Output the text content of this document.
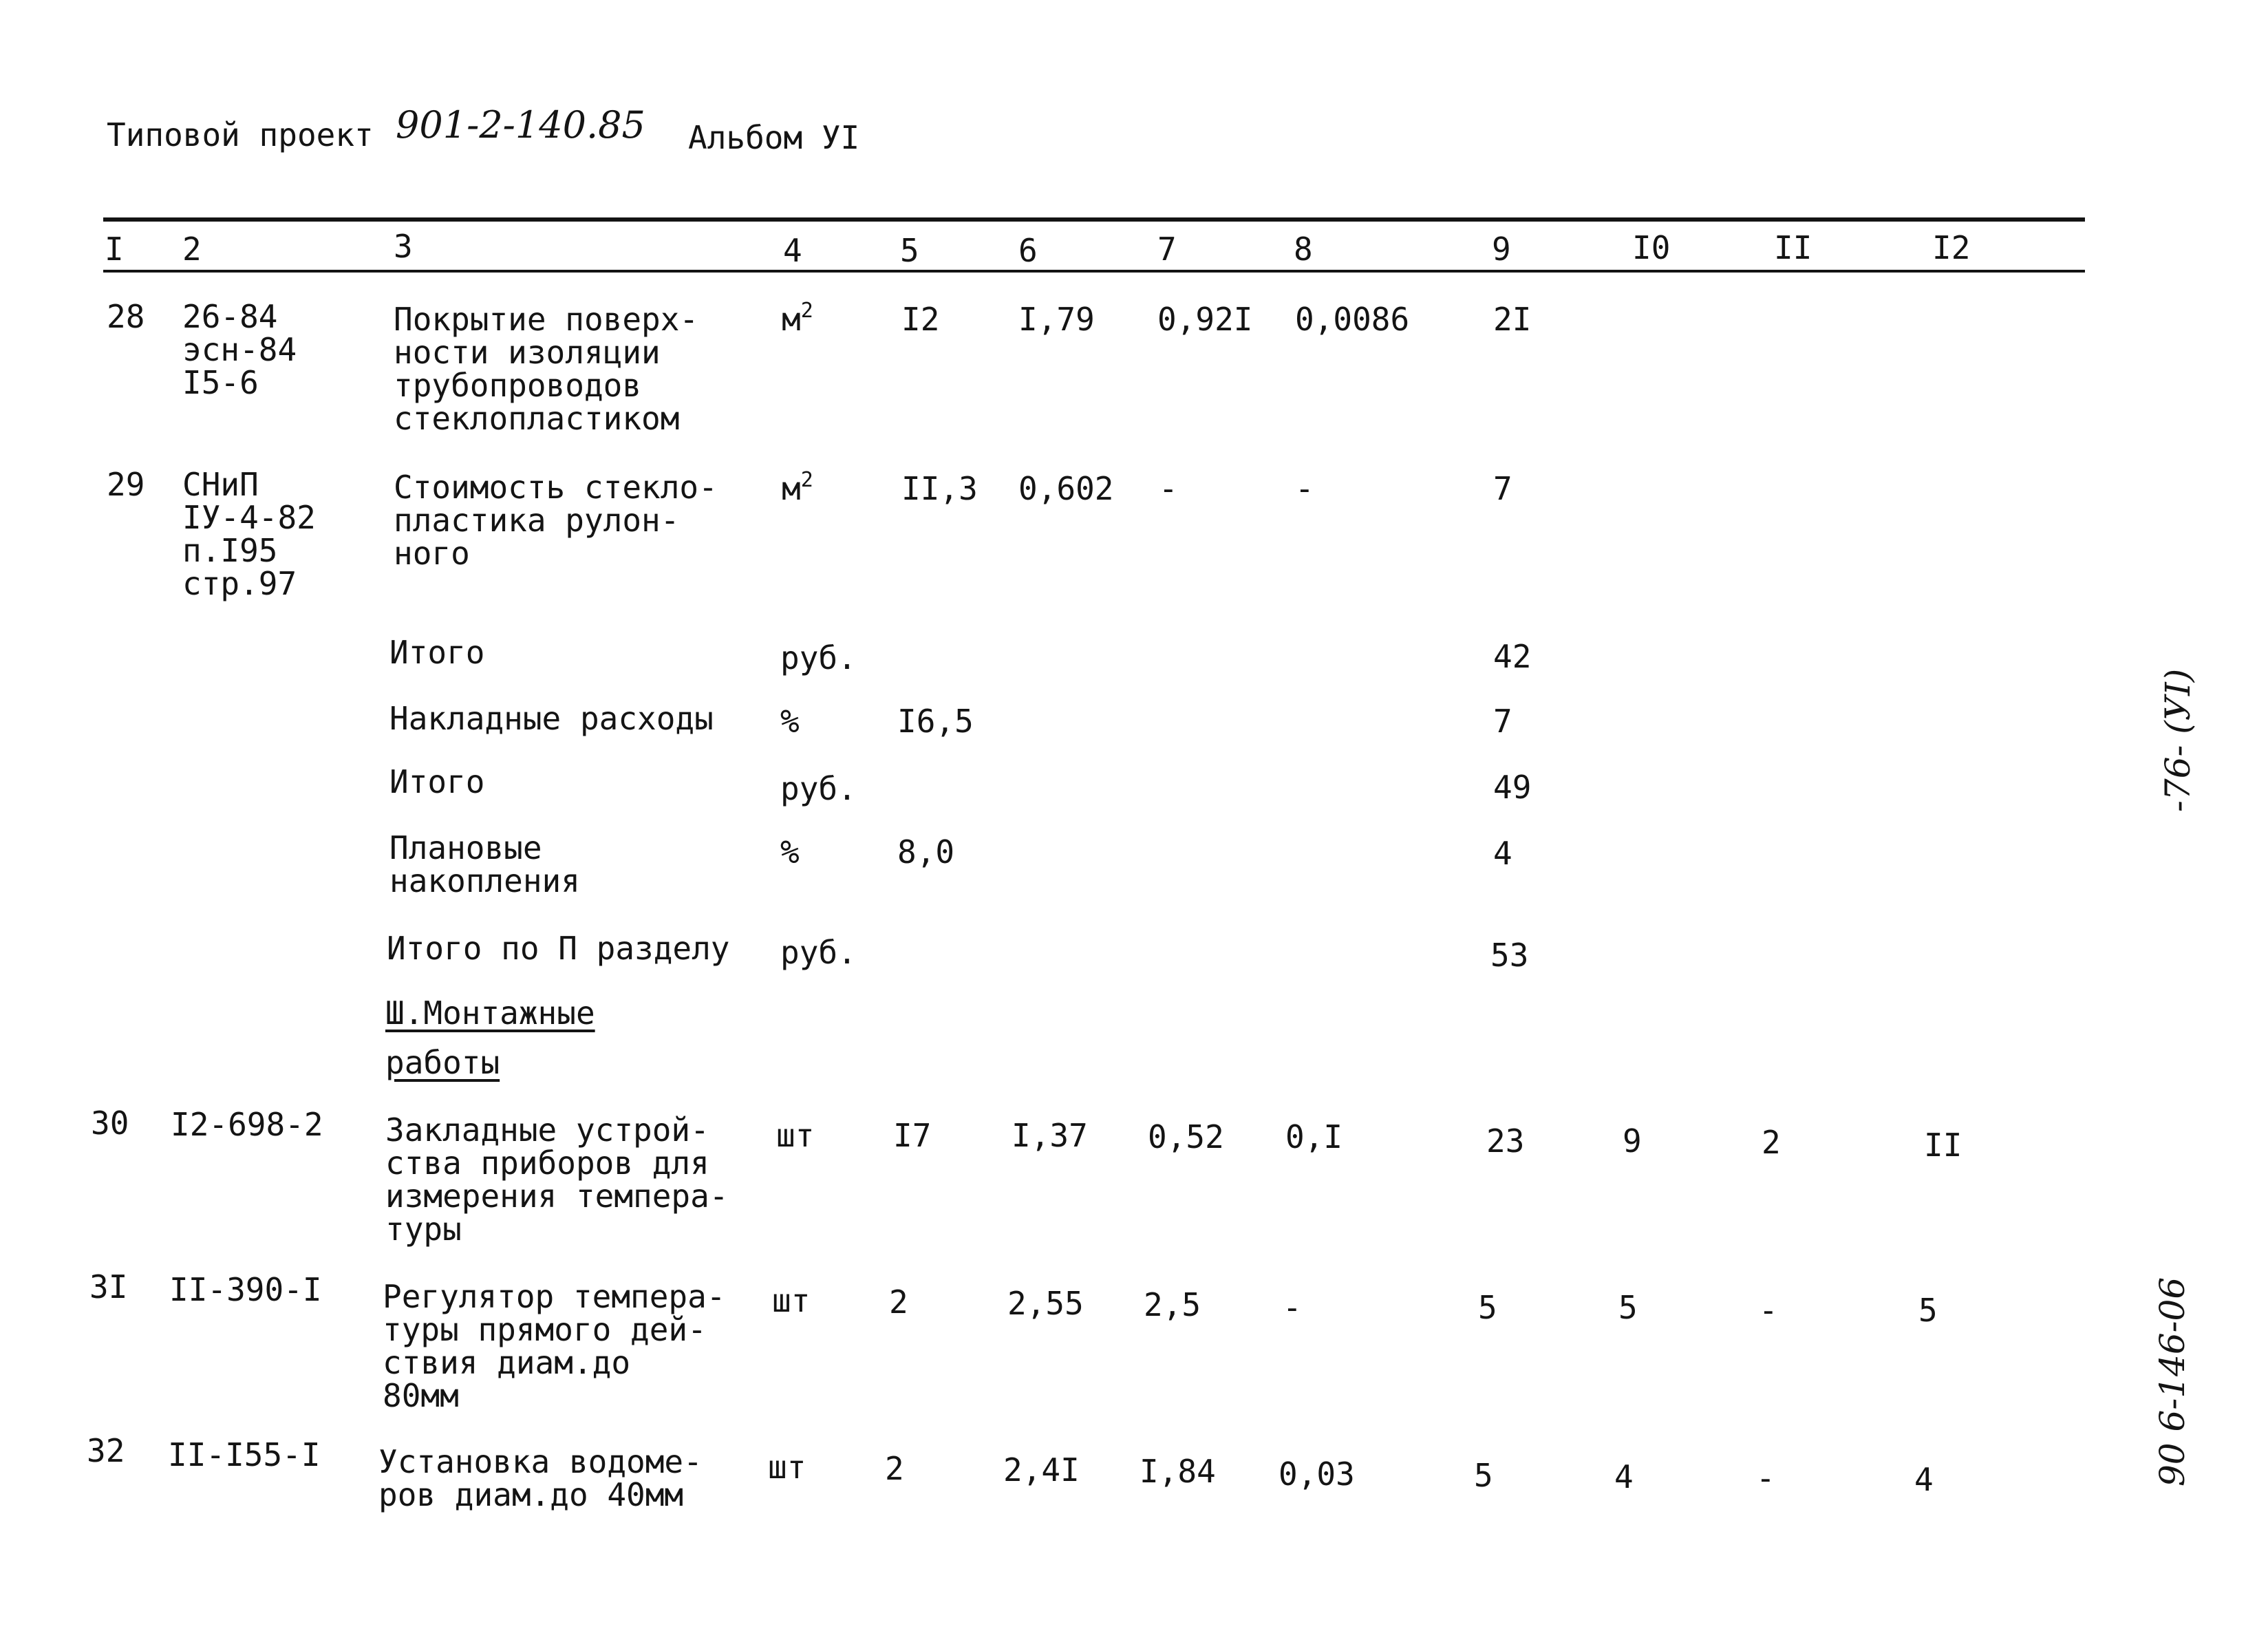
Типовой проект 901-2-140.85 Альбом УI
I 2	3	4	5	6	7	8	9	I0	II	I2
28 26-84
эсн-84
I5-6
Покрытие поверх-
ности изоляции
трубопроводов
стеклопластиком
$м^2$	I2 I,79 0,92I 0,0086	2I
29 СНиП
IУ-4-82
п.I95
стр.97
Стоимость стекло-
пластика рулон-
ного
$м^2$	II,3 0,602 -	-	7
Итого	руб.	42
Накладные расходы %	I6,5	7
Итого	руб.	49
Плановые
накопления
%	8,0	4
Итого по П разделу руб.	53
Ш.Монтажные
работы
30 I2-698-2 Закладные устрой-
ства приборов для
измерения темпера-
туры
шт I7	I,37 0,52 0,I	23	9	2	II
3I II-390-I Регулятор темпера-
туры прямого дей-
ствия диам.до
80мм
шт 2	2,55 2,5	-	5	5	-	5
32 II-I55-I Установка водоме-
ров диам.до 40мм
шт 2	2,4I I,84 0,03	5	4	-	4
-76- (УI)
90 6-146-06
